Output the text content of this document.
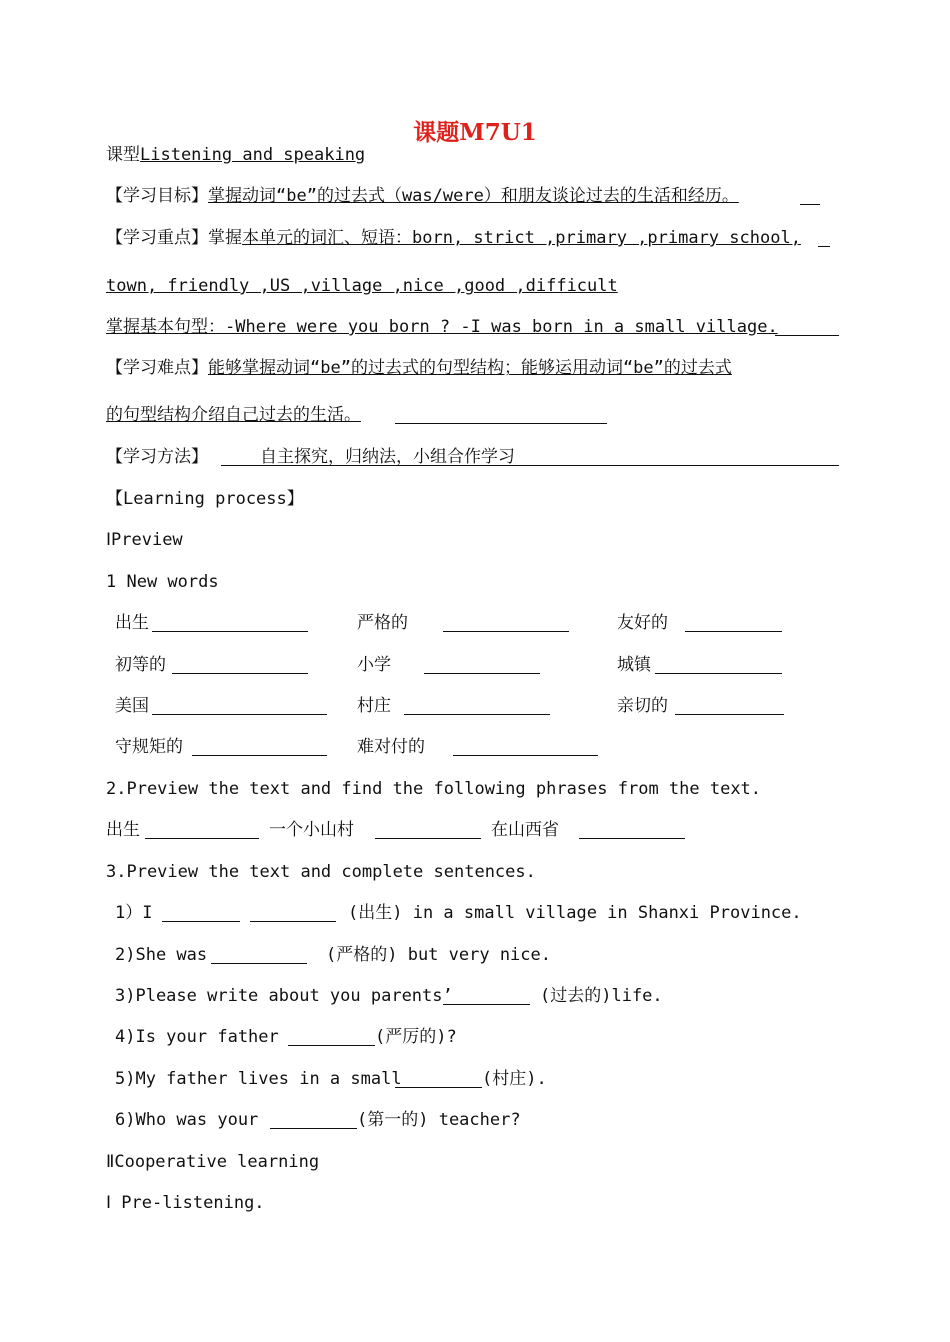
课题M7U1
课型Listening and speaking
【学习目标】掌握动词“be”的过去式（was/were）和朋友谈论过去的生活和经历。
【学习重点】掌握本单元的词汇、短语：born, strict ,primary ,primary school,
town, friendly ,US ,village ,nice ,good ,difficult
掌握基本句型：-Where were you born ? -I was born in a small village.
【学习难点】能够掌握动词“be”的过去式的句型结构；能够运用动词“be”的过去式
的句型结构介绍自己过去的生活。
【学习方法】	自主探究，归纳法，小组合作学习
【Learning process】
ⅠPreview
1 New words
出生	严格的	友好的
初等的	小学	城镇
美国	村庄	亲切的
守规矩的	难对付的
2.Preview the text and find the following phrases from the text.
出生	一个小山村	在山西省
3.Preview the text and complete sentences.
1）I	(出生) in a small village in Shanxi Province.
2)She was	(严格的) but very nice.
3)Please write about you parents’	(过去的)life.
4)Is your father	(严厉的)?
5)My father lives in a small	(村庄).
6)Who was your	(第一的) teacher?
ⅡCooperative learning
Ⅰ Pre-listening.
